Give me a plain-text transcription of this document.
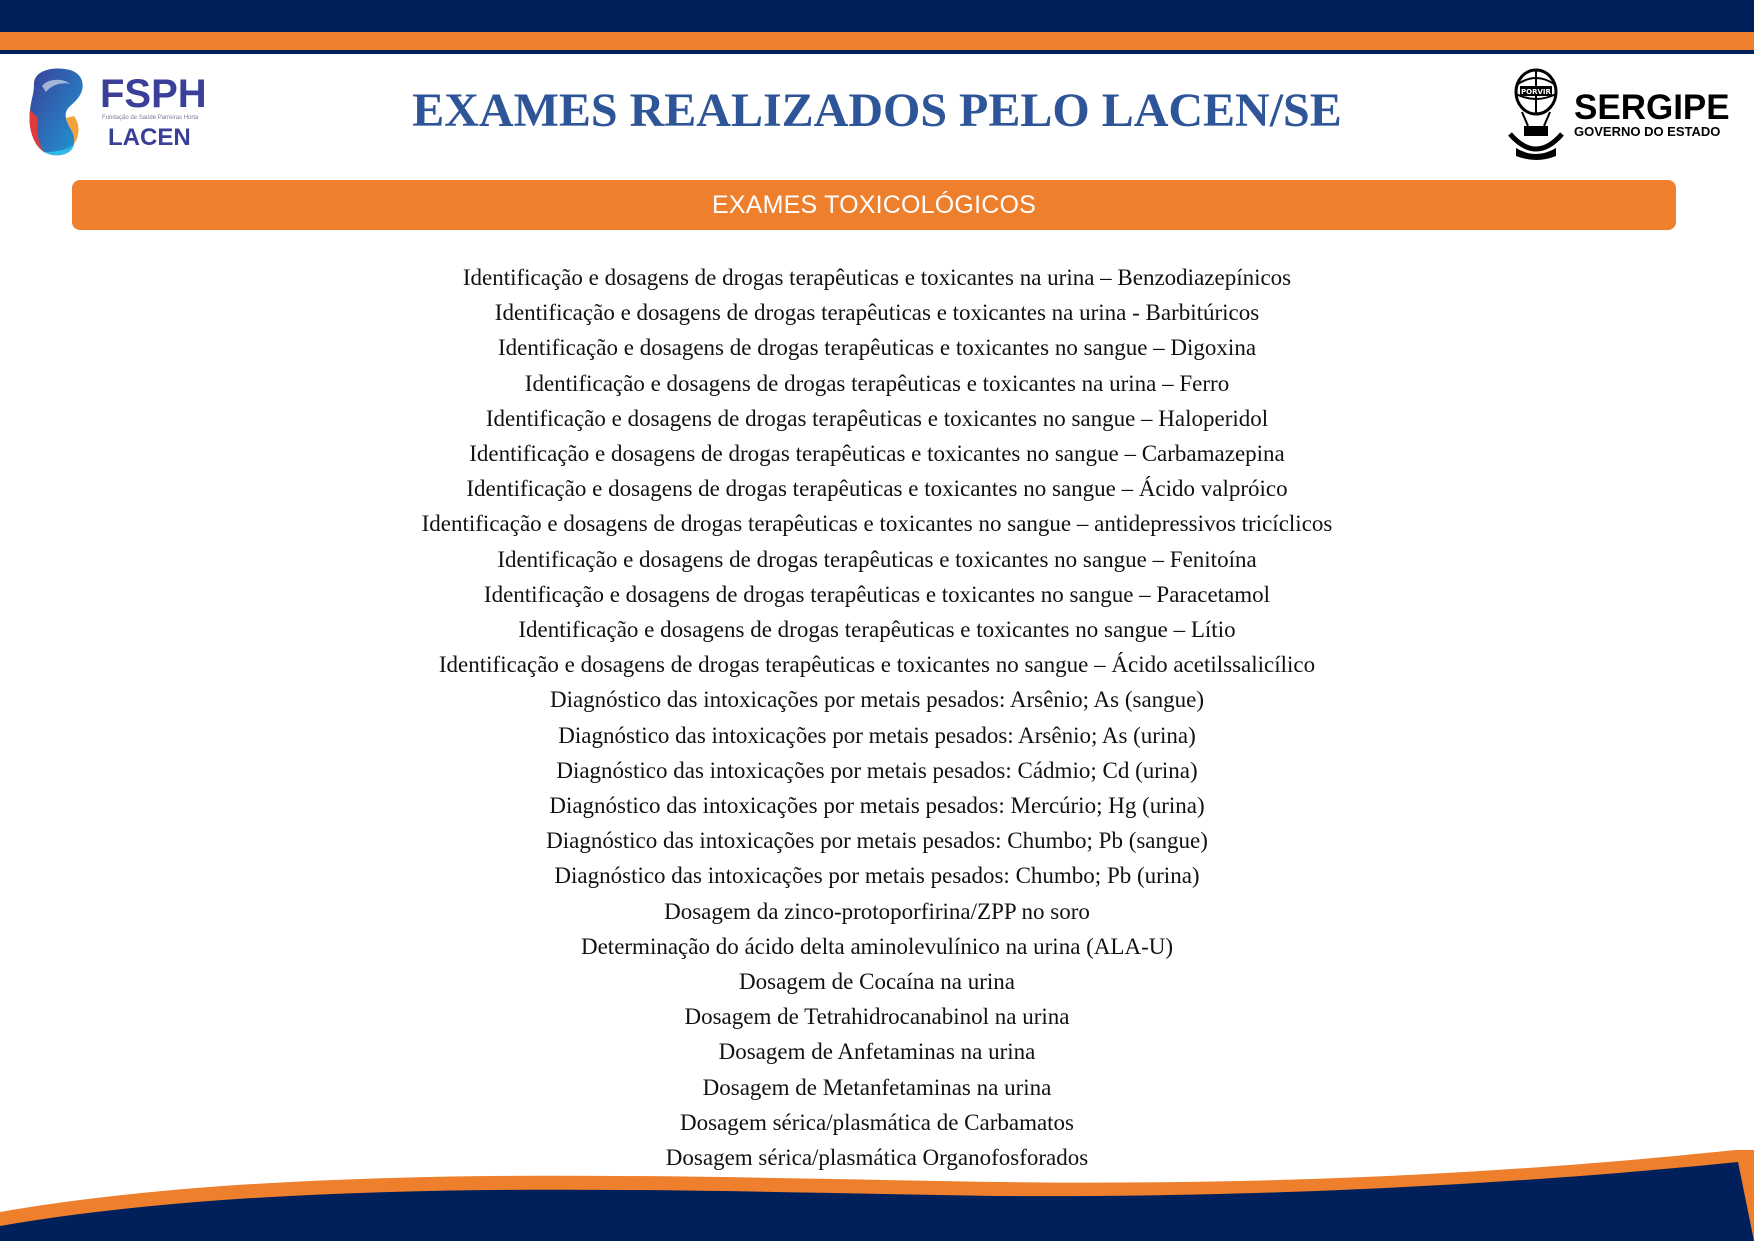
FSPH
Fundação de Saúde Parreiras Horta
LACEN
EXAMES REALIZADOS PELO LACEN/SE	PORVIR SERGIPE
GOVERNO DO ESTADO
EXAMES TOXICOLÓGICOS
Identificação e dosagens de drogas terapêuticas e toxicantes na urina – Benzodiazepínicos
Identificação e dosagens de drogas terapêuticas e toxicantes na urina - Barbitúricos
Identificação e dosagens de drogas terapêuticas e toxicantes no sangue – Digoxina
Identificação e dosagens de drogas terapêuticas e toxicantes na urina – Ferro
Identificação e dosagens de drogas terapêuticas e toxicantes no sangue – Haloperidol
Identificação e dosagens de drogas terapêuticas e toxicantes no sangue – Carbamazepina
Identificação e dosagens de drogas terapêuticas e toxicantes no sangue – Ácido valpróico
Identificação e dosagens de drogas terapêuticas e toxicantes no sangue – antidepressivos tricíclicos
Identificação e dosagens de drogas terapêuticas e toxicantes no sangue – Fenitoína
Identificação e dosagens de drogas terapêuticas e toxicantes no sangue – Paracetamol
Identificação e dosagens de drogas terapêuticas e toxicantes no sangue – Lítio
Identificação e dosagens de drogas terapêuticas e toxicantes no sangue – Ácido acetilssalicílico
Diagnóstico das intoxicações por metais pesados: Arsênio; As (sangue)
Diagnóstico das intoxicações por metais pesados: Arsênio; As (urina)
Diagnóstico das intoxicações por metais pesados: Cádmio; Cd (urina)
Diagnóstico das intoxicações por metais pesados: Mercúrio; Hg (urina)
Diagnóstico das intoxicações por metais pesados: Chumbo; Pb (sangue)
Diagnóstico das intoxicações por metais pesados: Chumbo; Pb (urina)
Dosagem da zinco-protoporfirina/ZPP no soro
Determinação do ácido delta aminolevulínico na urina (ALA-U)
Dosagem de Cocaína na urina
Dosagem de Tetrahidrocanabinol na urina
Dosagem de Anfetaminas na urina
Dosagem de Metanfetaminas na urina
Dosagem sérica/plasmática de Carbamatos
Dosagem sérica/plasmática Organofosforados
